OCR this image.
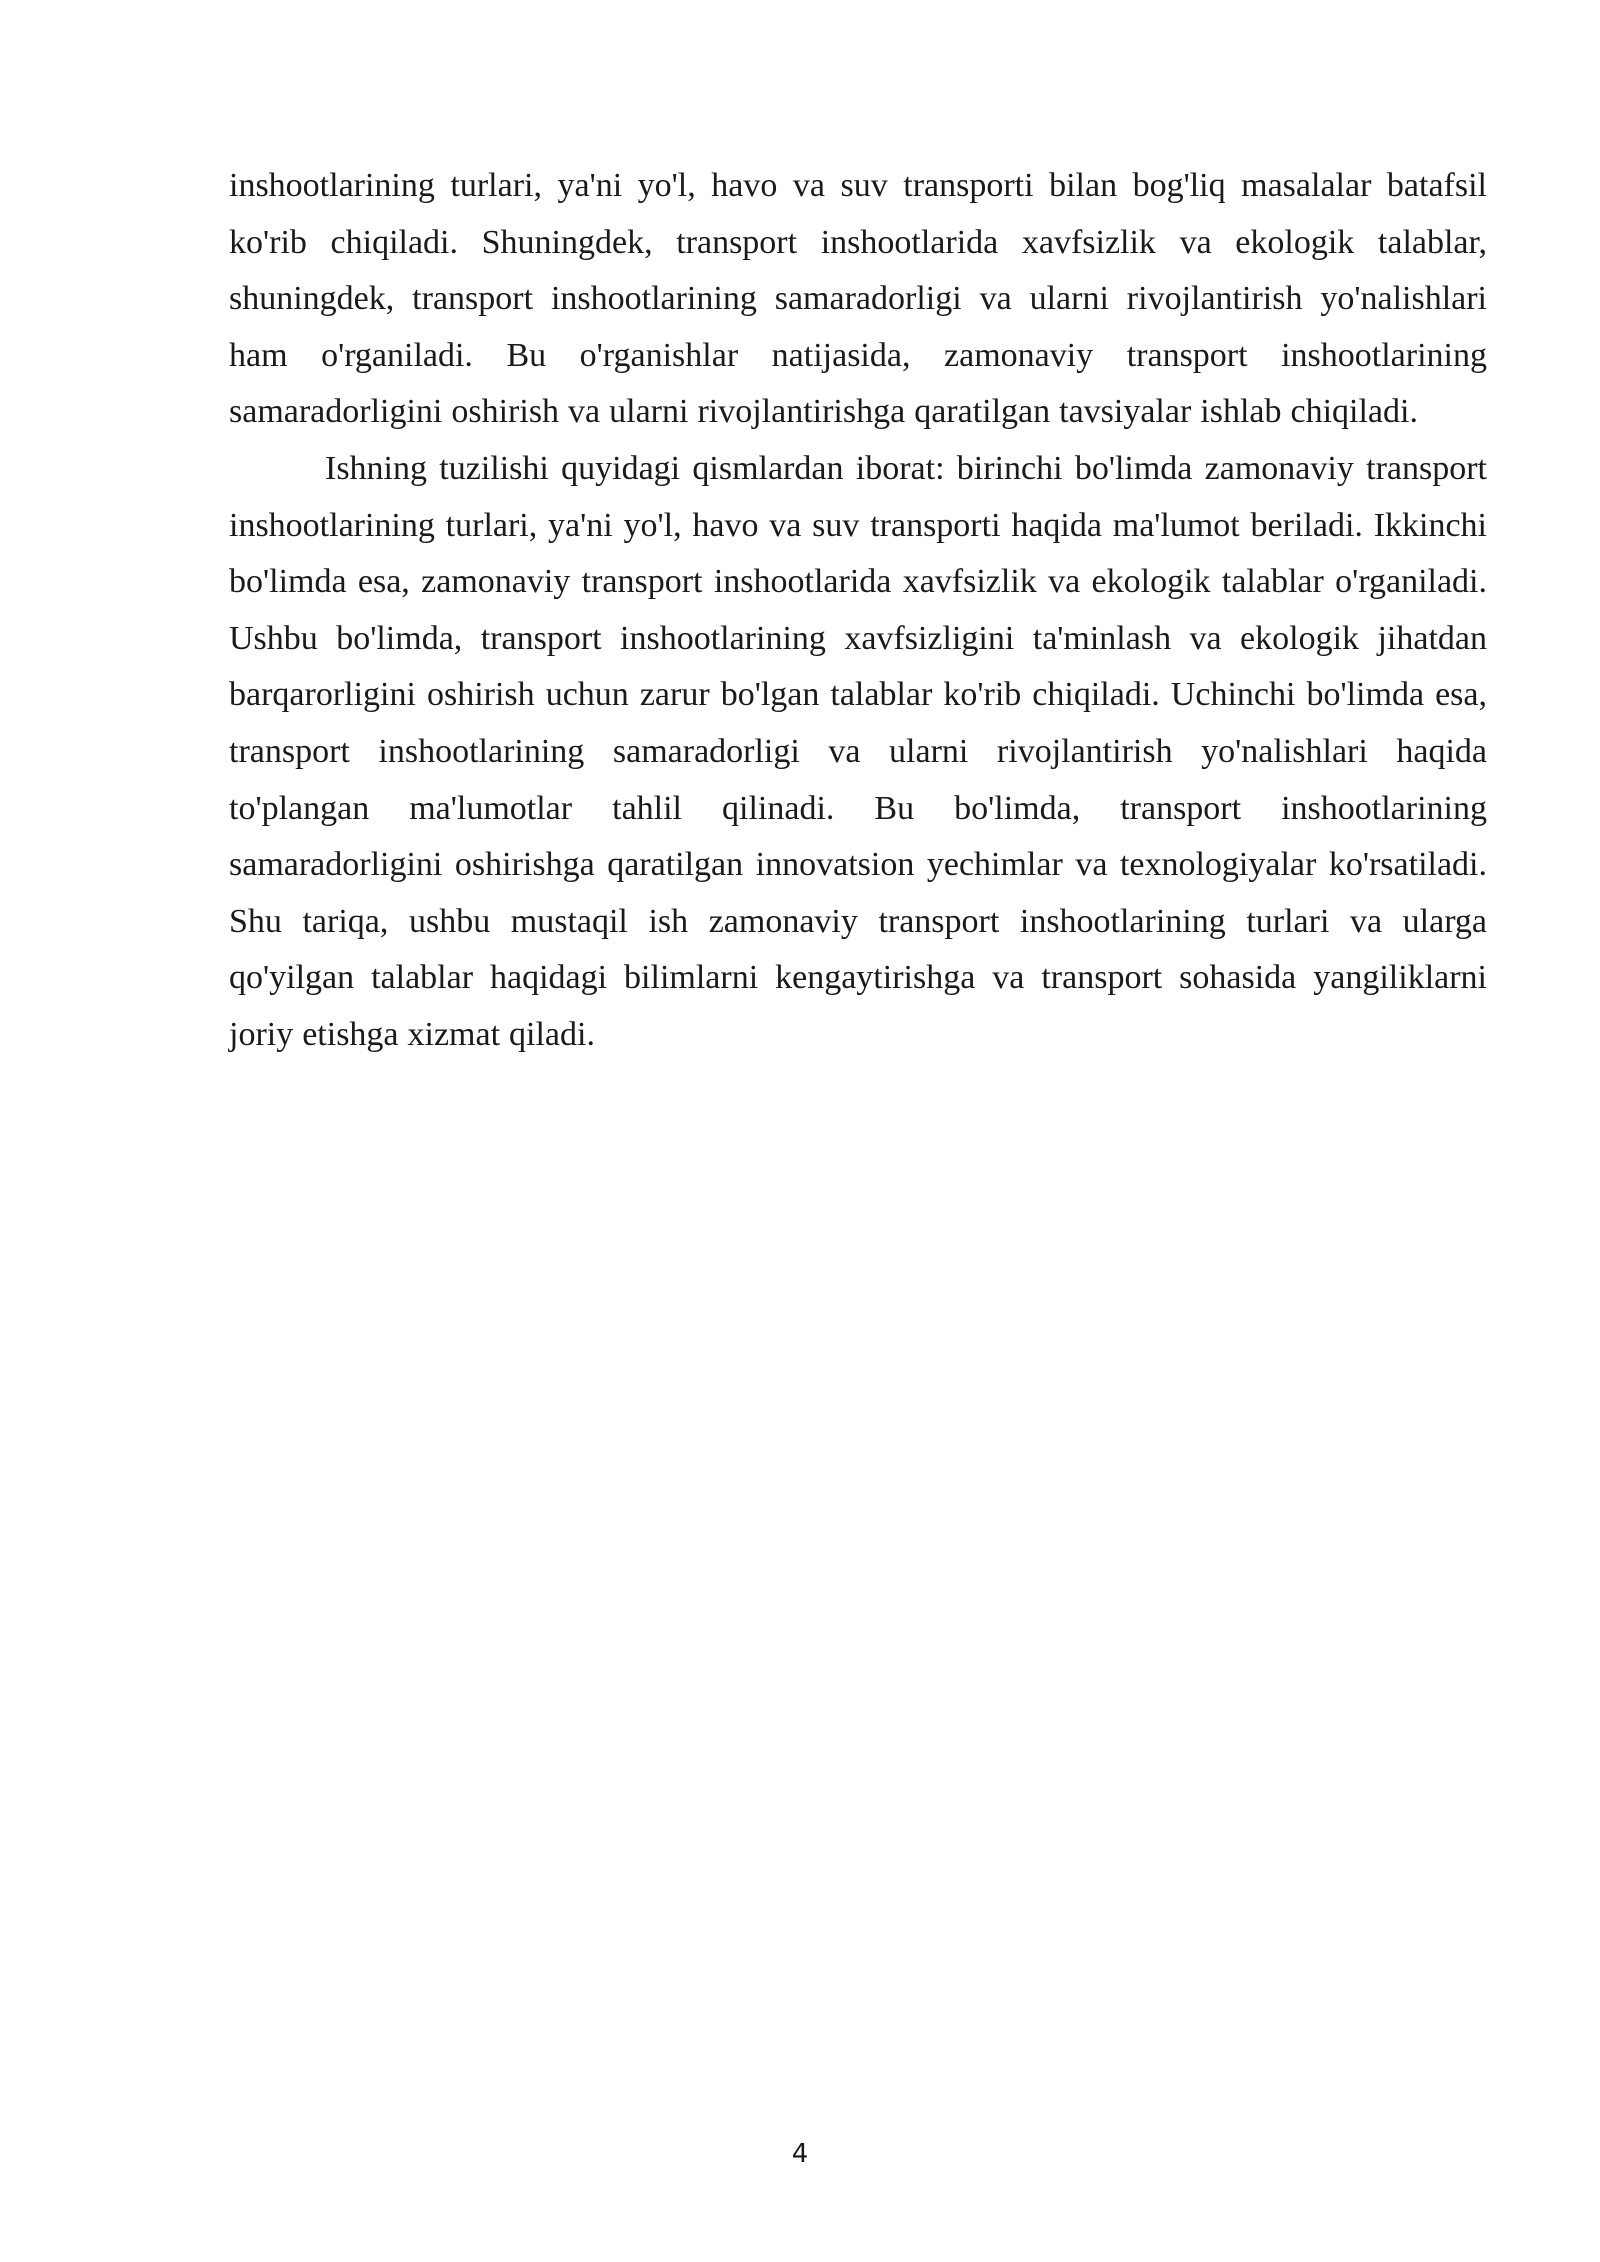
inshootlarining turlari, ya'ni yo'l, havo va suv transporti bilan bog'liq masalalar batafsil ko'rib chiqiladi. Shuningdek, transport inshootlarida xavfsizlik va ekologik talablar, shuningdek, transport inshootlarining samaradorligi va ularni rivojlantirish yo'nalishlari ham o'rganiladi. Bu o'rganishlar natijasida, zamonaviy transport inshootlarining samaradorligini oshirish va ularni rivojlantirishga qaratilgan tavsiyalar ishlab chiqiladi.

Ishning tuzilishi quyidagi qismlardan iborat: birinchi bo'limda zamonaviy transport inshootlarining turlari, ya'ni yo'l, havo va suv transporti haqida ma'lumot beriladi. Ikkinchi bo'limda esa, zamonaviy transport inshootlarida xavfsizlik va ekologik talablar o'rganiladi. Ushbu bo'limda, transport inshootlarining xavfsizligini ta'minlash va ekologik jihatdan barqarorligini oshirish uchun zarur bo'lgan talablar ko'rib chiqiladi. Uchinchi bo'limda esa, transport inshootlarining samaradorligi va ularni rivojlantirish yo'nalishlari haqida to'plangan ma'lumotlar tahlil qilinadi. Bu bo'limda, transport inshootlarining samaradorligini oshirishga qaratilgan innovatsion yechimlar va texnologiyalar ko'rsatiladi. Shu tariqa, ushbu mustaqil ish zamonaviy transport inshootlarining turlari va ularga qo'yilgan talablar haqidagi bilimlarni kengaytirishga va transport sohasida yangiliklarni joriy etishga xizmat qiladi.

4
